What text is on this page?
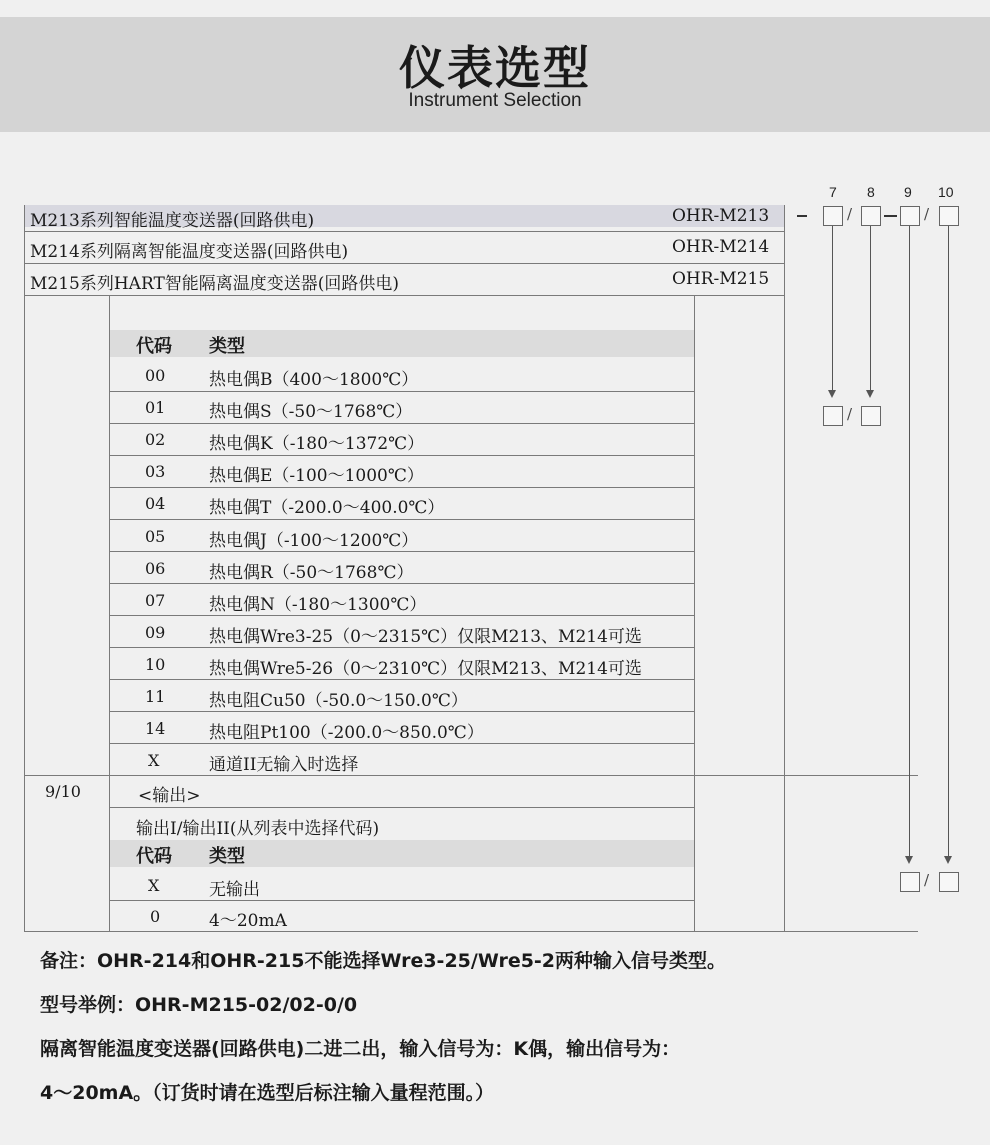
仪表选型
Instrument Selection
M213系列智能温度变送器(回路供电)	OHR-M213
M214系列隔离智能温度变送器(回路供电)	OHR-M214
M215系列HART智能隔离温度变送器(回路供电)	OHR-M215
代码 类型
00	热电偶B（400～1800℃）
01	热电偶S（-50～1768℃）
02	热电偶K（-180～1372℃）
03	热电偶E（-100～1000℃）
04	热电偶T（-200.0～400.0℃）
05	热电偶J（-100～1200℃）
06	热电偶R（-50～1768℃）
07	热电偶N（-180～1300℃）
09	热电偶Wre3-25（0～2315℃）仅限M213、M214可选
10	热电偶Wre5-26（0～2310℃）仅限M213、M214可选
11	热电阻Cu50（-50.0～150.0℃）
14	热电阻Pt100（-200.0～850.0℃）
X	通道II无输入时选择
9/10	<输出>
输出I/输出II(从列表中选择代码)
代码 类型
X	无输出
0	4～20mA
7 8 9 10
/	/
/
/
备注：OHR-214和OHR-215不能选择Wre3-25/Wre5-2两种输入信号类型。
型号举例：OHR-M215-02/02-0/0
隔离智能温度变送器(回路供电)二进二出，输入信号为：K偶，输出信号为：
4～20mA。（订货时请在选型后标注输入量程范围。）
